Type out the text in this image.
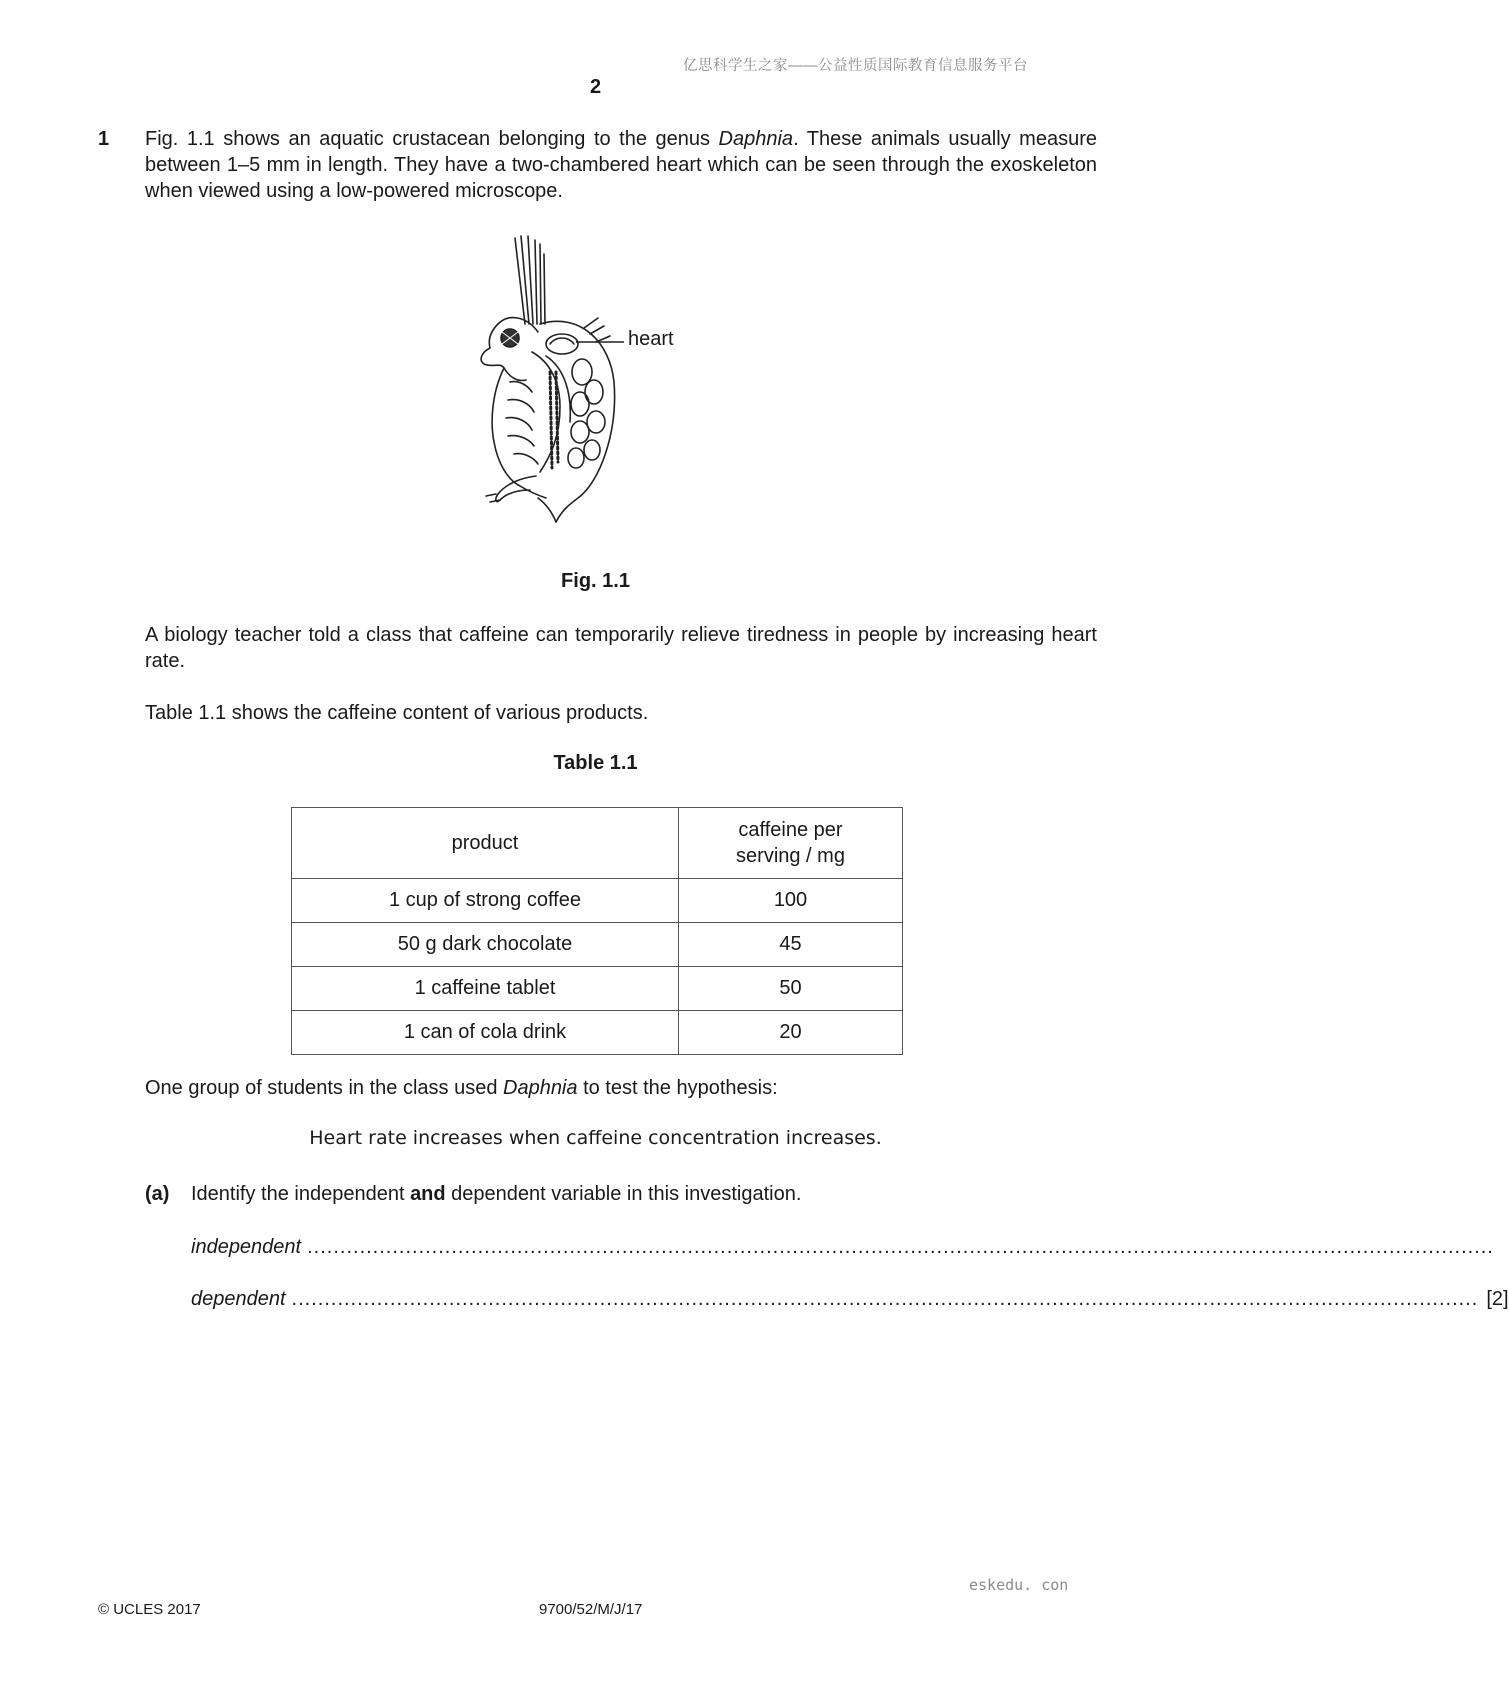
亿思科学生之家——公益性质国际教育信息服务平台
2
1 Fig. 1.1 shows an aquatic crustacean belonging to the genus Daphnia. These animals usually measure between 1–5 mm in length. They have a two-chambered heart which can be seen through the exoskeleton when viewed using a low-powered microscope.
heart
Fig. 1.1
A biology teacher told a class that caffeine can temporarily relieve tiredness in people by increasing heart rate.
Table 1.1 shows the caffeine content of various products.
Table 1.1
product	caffeine per serving / mg

1 cup of strong coffee	100
50 g dark chocolate	45
1 caffeine tablet	50
1 can of cola drink	20
One group of students in the class used Daphnia to test the hypothesis:
Heart rate increases when caffeine concentration increases.
(a) Identify the independent and dependent variable in this investigation.
independent .....................................................................................................................................................................................
dependent ..................................................................................................................................................................................... [2]
eskedu. con
© UCLES 2017	9700/52/M/J/17
